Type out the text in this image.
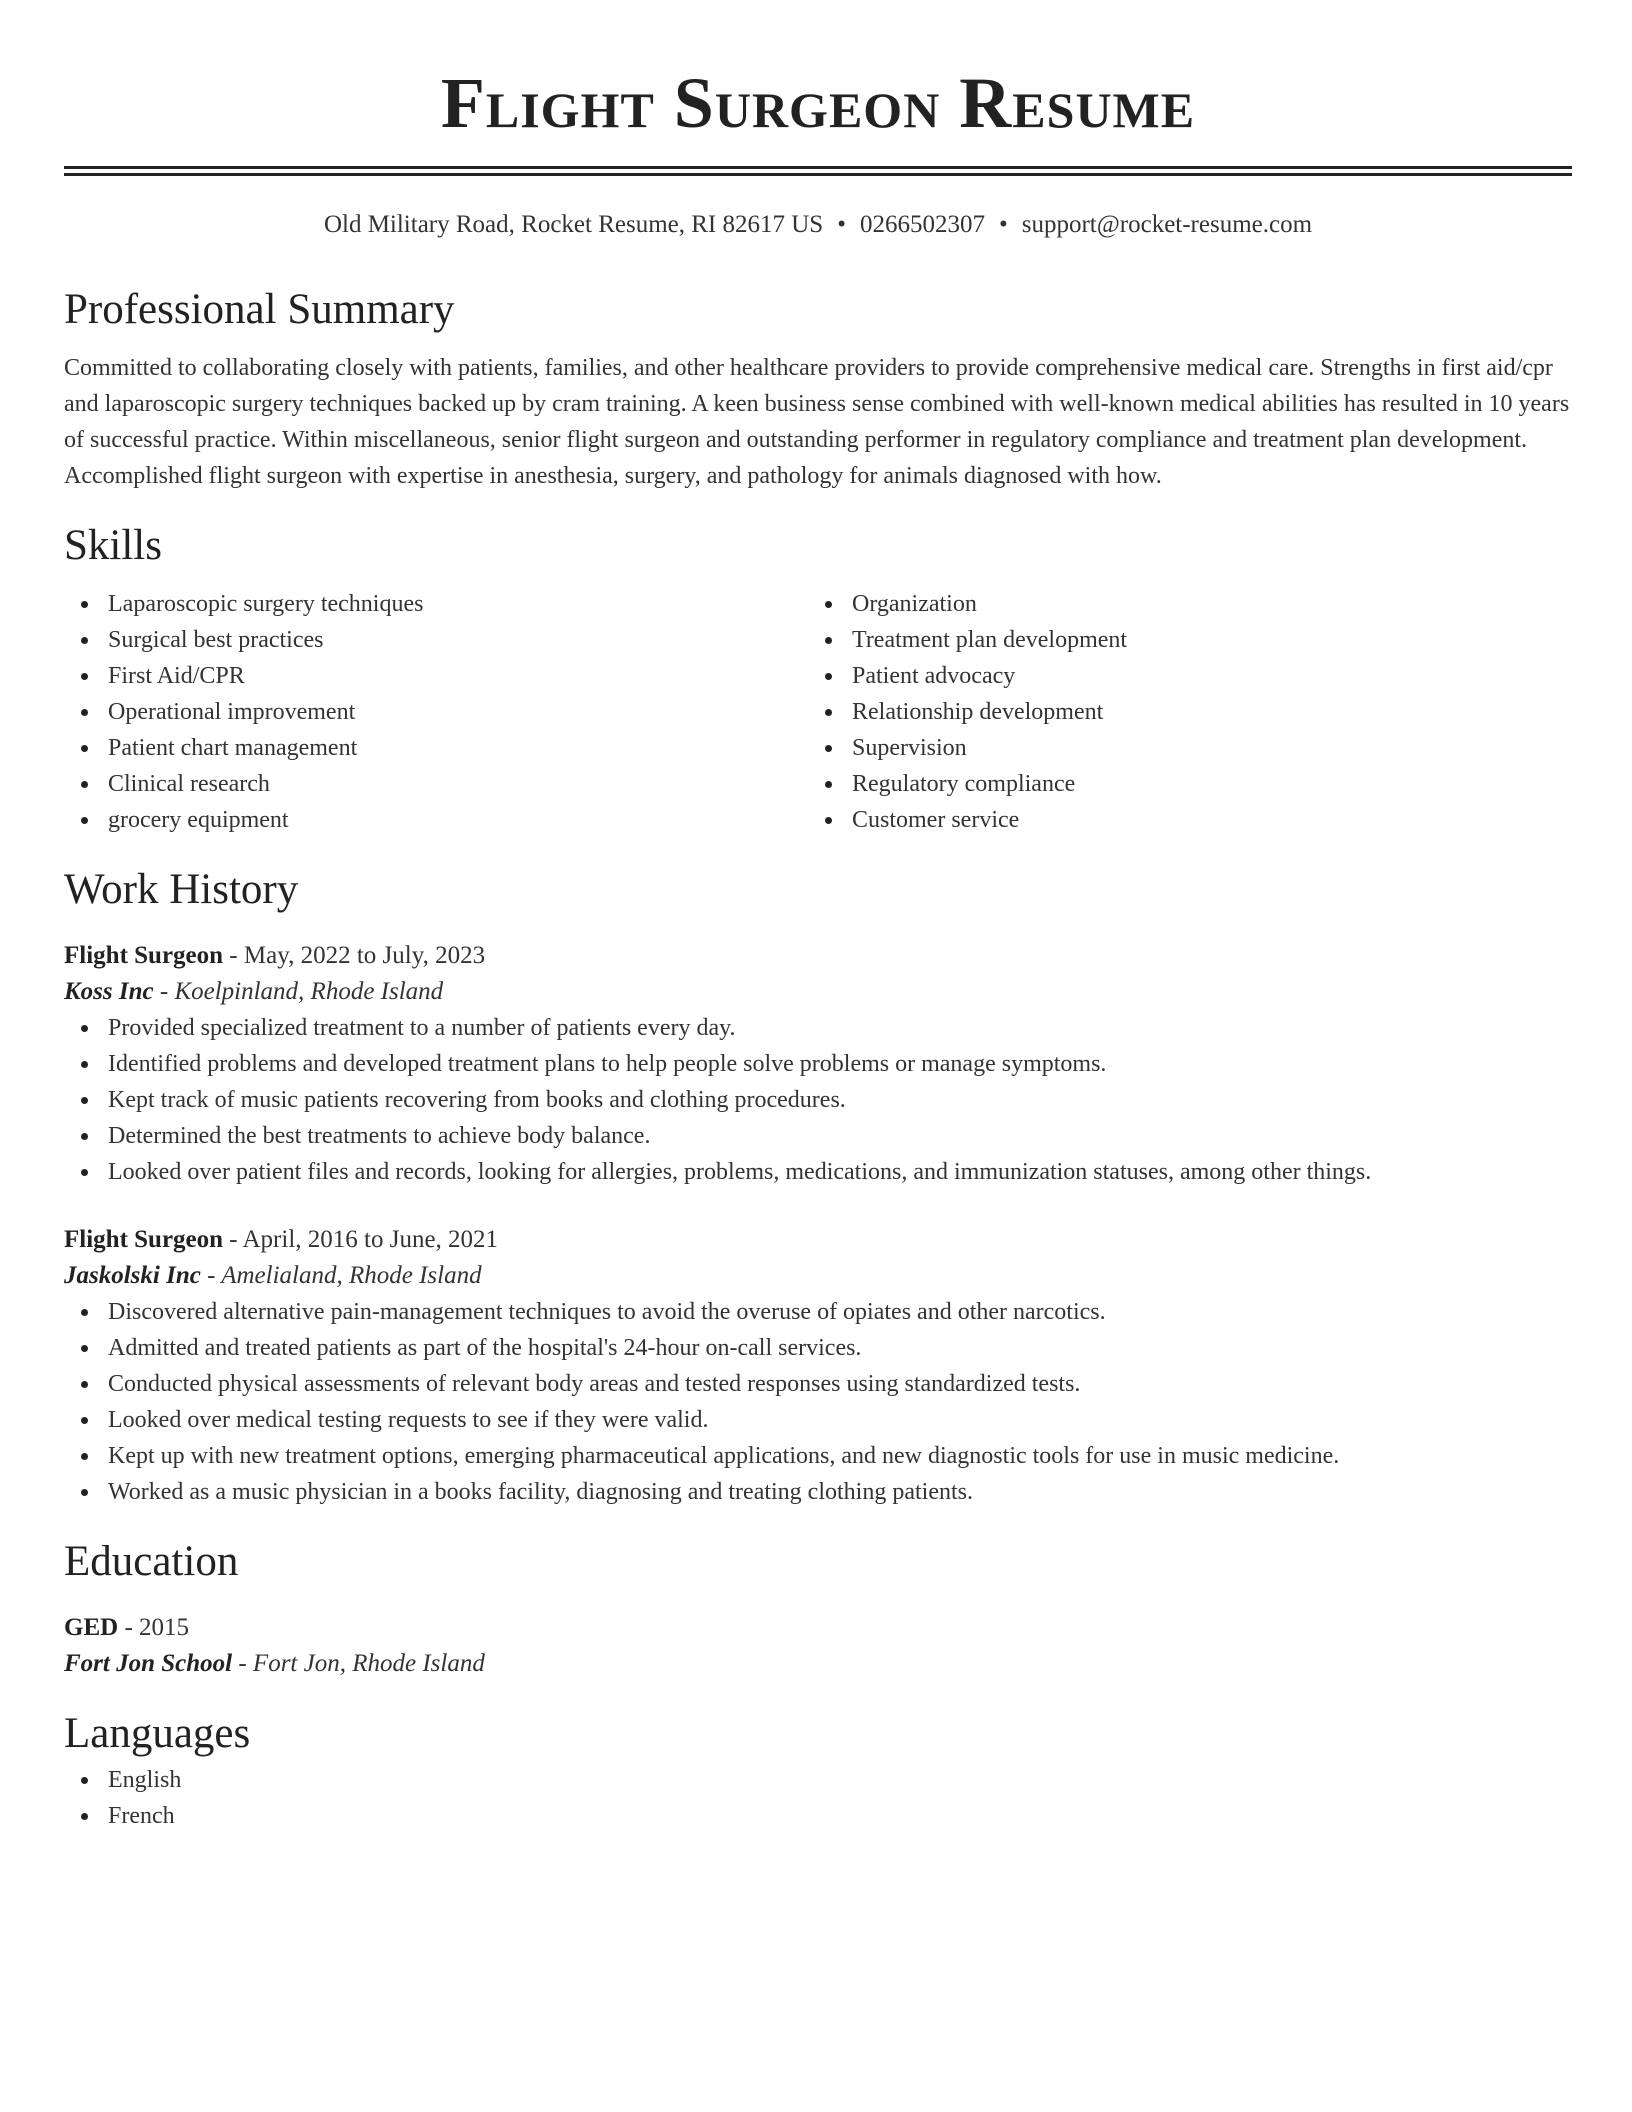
Flight Surgeon Resume
Old Military Road, Rocket Resume, RI 82617 US • 0266502307 • support@rocket-resume.com
Professional Summary

Committed to collaborating closely with patients, families, and other healthcare providers to provide comprehensive medical care. Strengths in first aid/cpr and laparoscopic surgery techniques backed up by cram training. A keen business sense combined with well-known medical abilities has resulted in 10 years of successful practice. Within miscellaneous, senior flight surgeon and outstanding performer in regulatory compliance and treatment plan development. Accomplished flight surgeon with expertise in anesthesia, surgery, and pathology for animals diagnosed with how.

Skills
Laparoscopic surgery techniques
Surgical best practices
First Aid/CPR
Operational improvement
Patient chart management
Clinical research
grocery equipment
Organization
Treatment plan development
Patient advocacy
Relationship development
Supervision
Regulatory compliance
Customer service
Work History
Flight Surgeon - May, 2022 to July, 2023
Koss Inc - Koelpinland, Rhode Island
Provided specialized treatment to a number of patients every day.
Identified problems and developed treatment plans to help people solve problems or manage symptoms.
Kept track of music patients recovering from books and clothing procedures.
Determined the best treatments to achieve body balance.
Looked over patient files and records, looking for allergies, problems, medications, and immunization statuses, among other things.
Flight Surgeon - April, 2016 to June, 2021
Jaskolski Inc - Amelialand, Rhode Island
Discovered alternative pain-management techniques to avoid the overuse of opiates and other narcotics.
Admitted and treated patients as part of the hospital's 24-hour on-call services.
Conducted physical assessments of relevant body areas and tested responses using standardized tests.
Looked over medical testing requests to see if they were valid.
Kept up with new treatment options, emerging pharmaceutical applications, and new diagnostic tools for use in music medicine.
Worked as a music physician in a books facility, diagnosing and treating clothing patients.
Education
GED - 2015
Fort Jon School - Fort Jon, Rhode Island
Languages
English
French
